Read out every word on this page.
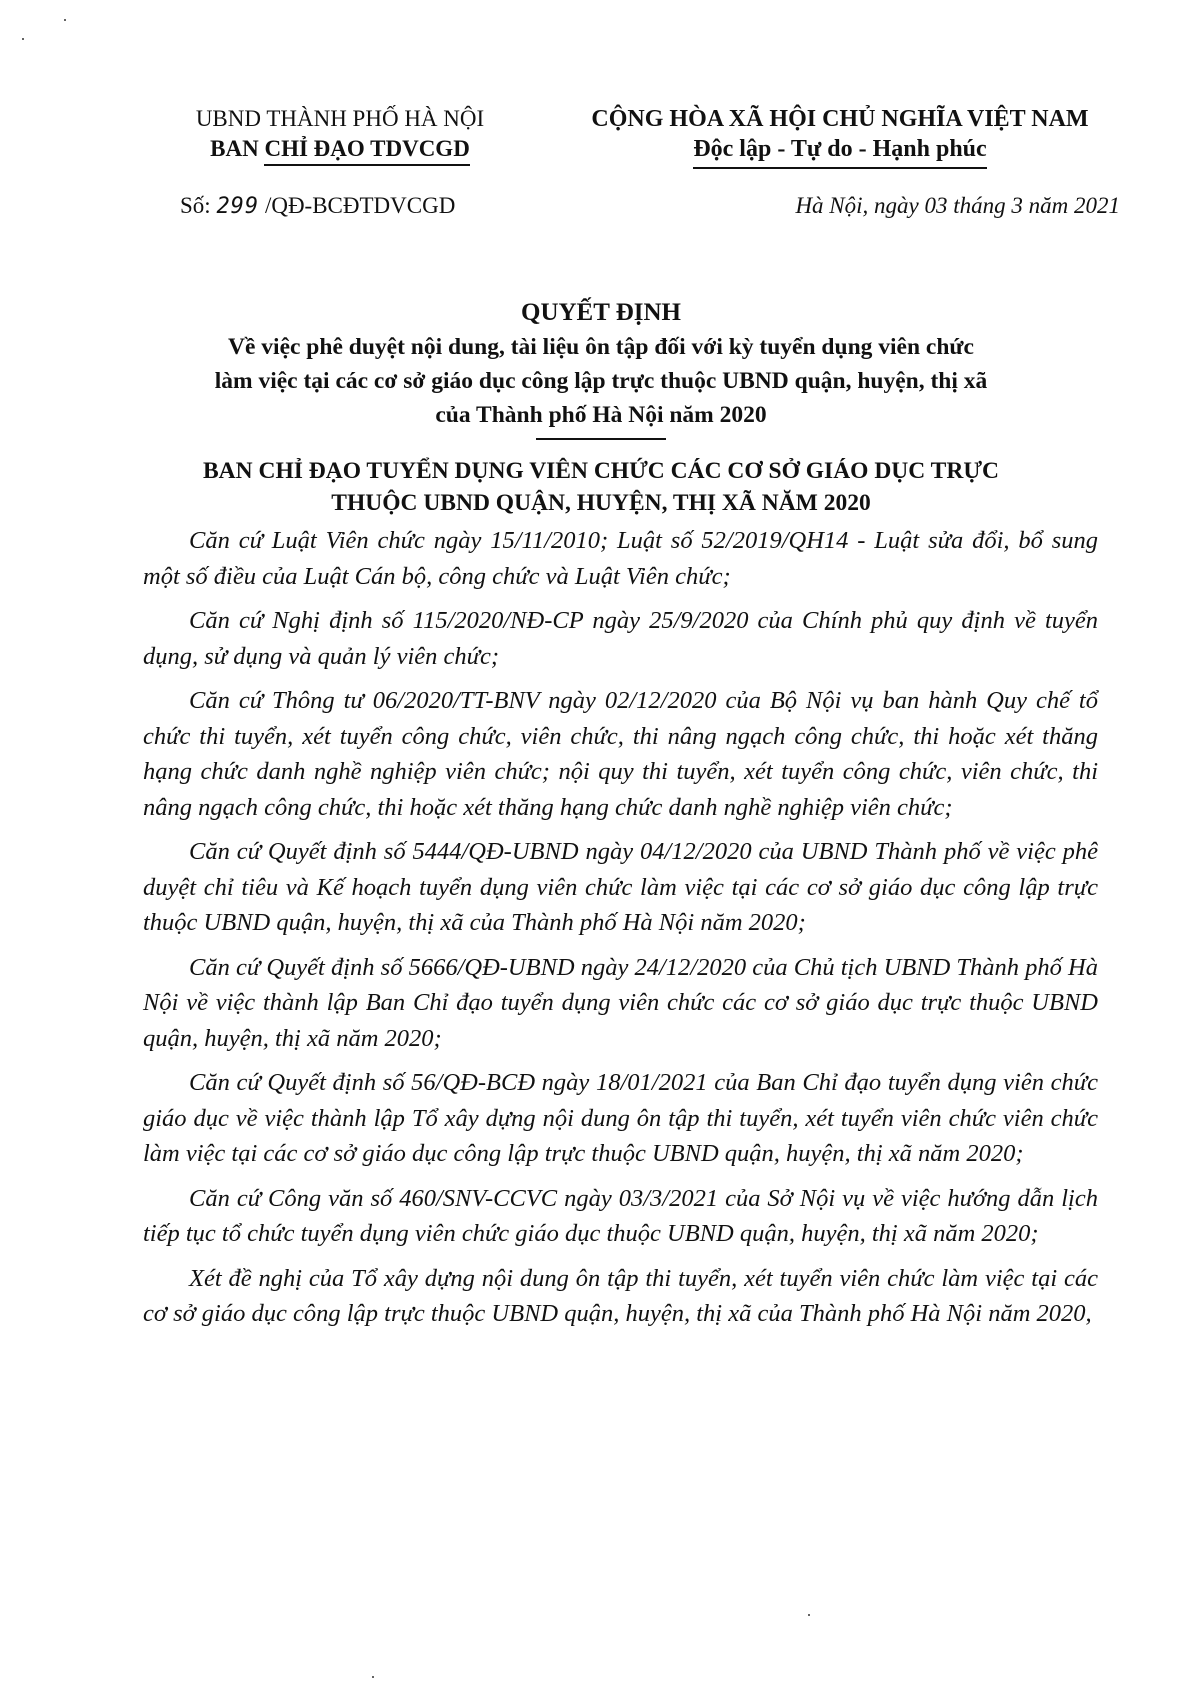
UBND THÀNH PHỐ HÀ NỘI
BAN CHỈ ĐẠO TDVCGD
CỘNG HÒA XÃ HỘI CHỦ NGHĨA VIỆT NAM
Độc lập - Tự do - Hạnh phúc
Số: 299 /QĐ-BCĐTDVCGD	Hà Nội, ngày 03 tháng 3 năm 2021
QUYẾT ĐỊNH
Về việc phê duyệt nội dung, tài liệu ôn tập đối với kỳ tuyển dụng viên chức
làm việc tại các cơ sở giáo dục công lập trực thuộc UBND quận, huyện, thị xã
của Thành phố Hà Nội năm 2020
BAN CHỈ ĐẠO TUYỂN DỤNG VIÊN CHỨC CÁC CƠ SỞ GIÁO DỤC TRỰC
THUỘC UBND QUẬN, HUYỆN, THỊ XÃ NĂM 2020

Căn cứ Luật Viên chức ngày 15/11/2010; Luật số 52/2019/QH14 - Luật sửa đổi, bổ sung một số điều của Luật Cán bộ, công chức và Luật Viên chức;

Căn cứ Nghị định số 115/2020/NĐ-CP ngày 25/9/2020 của Chính phủ quy định về tuyển dụng, sử dụng và quản lý viên chức;

Căn cứ Thông tư 06/2020/TT-BNV ngày 02/12/2020 của Bộ Nội vụ ban hành Quy chế tổ chức thi tuyển, xét tuyển công chức, viên chức, thi nâng ngạch công chức, thi hoặc xét thăng hạng chức danh nghề nghiệp viên chức; nội quy thi tuyển, xét tuyển công chức, viên chức, thi nâng ngạch công chức, thi hoặc xét thăng hạng chức danh nghề nghiệp viên chức;

Căn cứ Quyết định số 5444/QĐ-UBND ngày 04/12/2020 của UBND Thành phố về việc phê duyệt chỉ tiêu và Kế hoạch tuyển dụng viên chức làm việc tại các cơ sở giáo dục công lập trực thuộc UBND quận, huyện, thị xã của Thành phố Hà Nội năm 2020;

Căn cứ Quyết định số 5666/QĐ-UBND ngày 24/12/2020 của Chủ tịch UBND Thành phố Hà Nội về việc thành lập Ban Chỉ đạo tuyển dụng viên chức các cơ sở giáo dục trực thuộc UBND quận, huyện, thị xã năm 2020;

Căn cứ Quyết định số 56/QĐ-BCĐ ngày 18/01/2021 của Ban Chỉ đạo tuyển dụng viên chức giáo dục về việc thành lập Tổ xây dựng nội dung ôn tập thi tuyển, xét tuyển viên chức viên chức làm việc tại các cơ sở giáo dục công lập trực thuộc UBND quận, huyện, thị xã năm 2020;

Căn cứ Công văn số 460/SNV-CCVC ngày 03/3/2021 của Sở Nội vụ về việc hướng dẫn lịch tiếp tục tổ chức tuyển dụng viên chức giáo dục thuộc UBND quận, huyện, thị xã năm 2020;

Xét đề nghị của Tổ xây dựng nội dung ôn tập thi tuyển, xét tuyển viên chức làm việc tại các cơ sở giáo dục công lập trực thuộc UBND quận, huyện, thị xã của Thành phố Hà Nội năm 2020,
